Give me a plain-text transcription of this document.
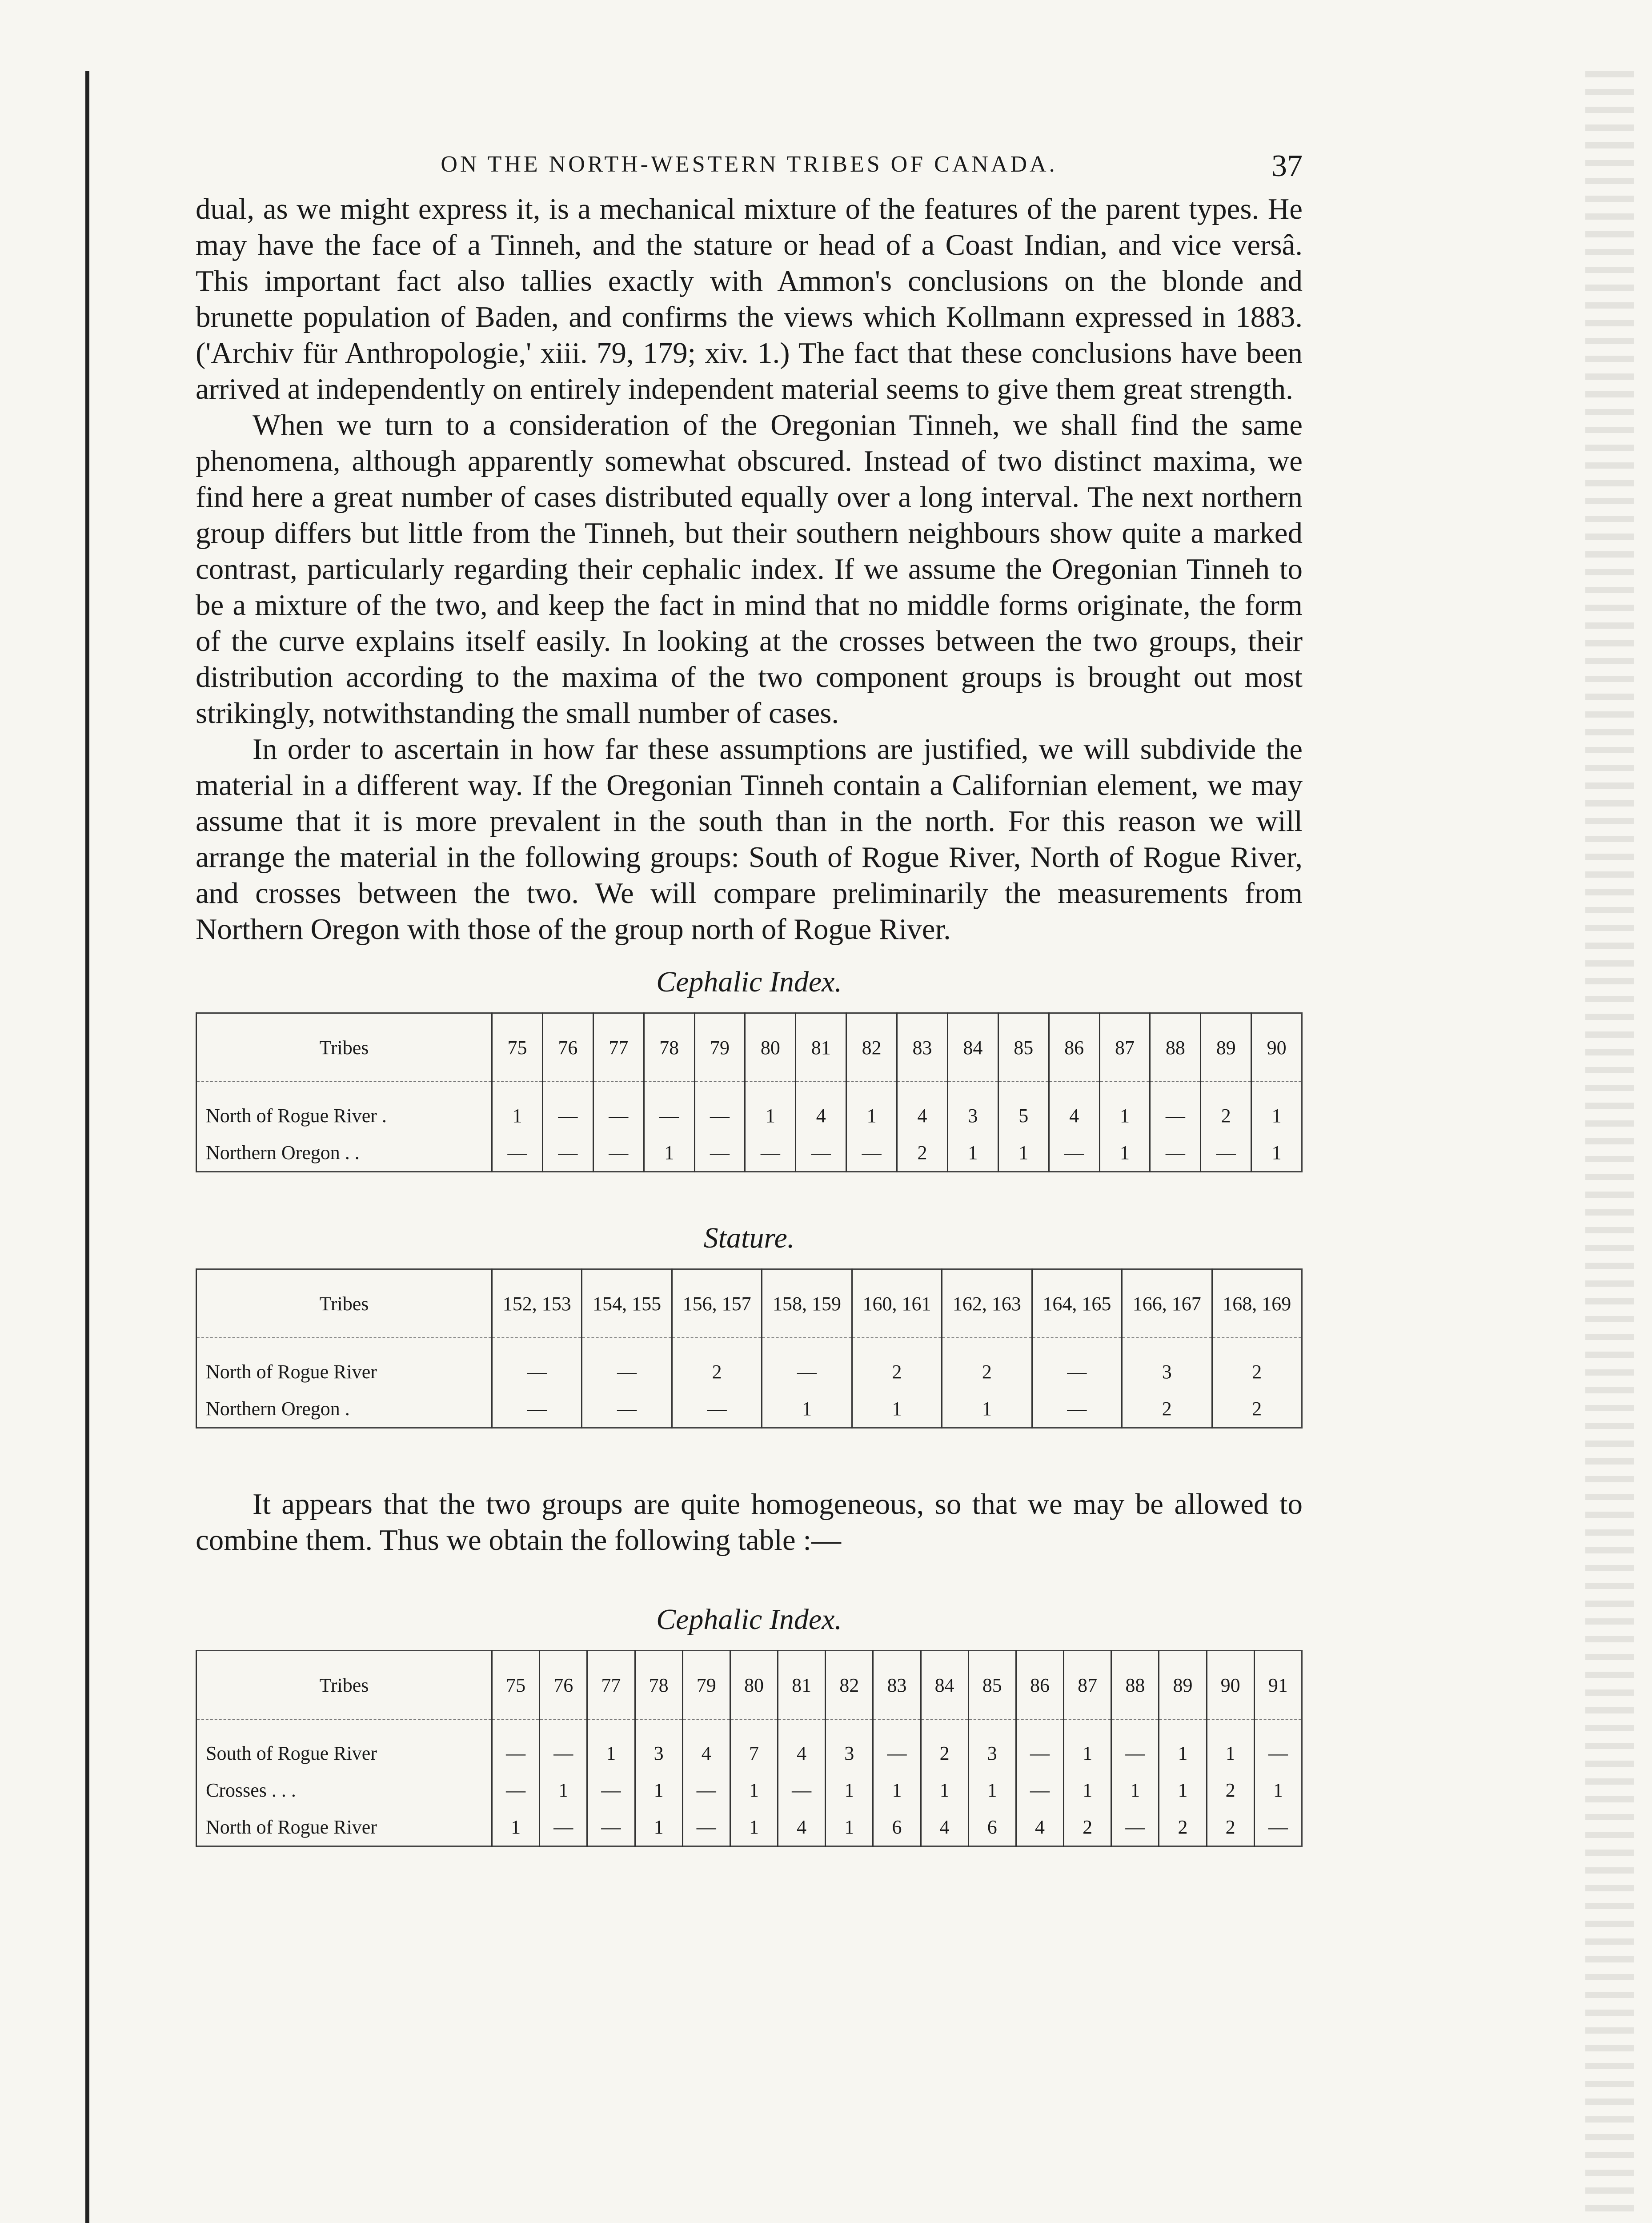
ON THE NORTH-WESTERN TRIBES OF CANADA.	37

dual, as we might express it, is a mechanical mixture of the features of the parent types. He may have the face of a Tinneh, and the stature or head of a Coast Indian, and vice versâ. This important fact also tallies exactly with Ammon's conclusions on the blonde and brunette population of Baden, and confirms the views which Kollmann expressed in 1883. ('Archiv für Anthropologie,' xiii. 79, 179; xiv. 1.) The fact that these conclusions have been arrived at independently on entirely independent material seems to give them great strength.

When we turn to a consideration of the Oregonian Tinneh, we shall find the same phenomena, although apparently somewhat obscured. Instead of two distinct maxima, we find here a great number of cases distributed equally over a long interval. The next northern group differs but little from the Tinneh, but their southern neighbours show quite a marked contrast, particularly regarding their cephalic index. If we assume the Oregonian Tinneh to be a mixture of the two, and keep the fact in mind that no middle forms originate, the form of the curve explains itself easily. In looking at the crosses between the two groups, their distribution according to the maxima of the two component groups is brought out most strikingly, notwithstanding the small number of cases.

In order to ascertain in how far these assumptions are justified, we will subdivide the material in a different way. If the Oregonian Tinneh contain a Californian element, we may assume that it is more prevalent in the south than in the north. For this reason we will arrange the material in the following groups: South of Rogue River, North of Rogue River, and crosses between the two. We will compare preliminarily the measurements from Northern Oregon with those of the group north of Rogue River.

Cephalic Index.
Tribes	75	76	77	78	79	80	81	82	83	84	85	86	87	88	89	90
North of Rogue River .	1	—	—	—	—	1	4	1	4	3	5	4	1	—	2	1
Northern Oregon . .	—	—	—	1	—	—	—	—	2	1	1	—	1	—	—	1
Stature.
Tribes	152, 153	154, 155	156, 157	158, 159	160, 161	162, 163	164, 165	166, 167	168, 169
North of Rogue River	—	—	2	—	2	2	—	3	2
Northern Oregon .	—	—	—	1	1	1	—	2	2

It appears that the two groups are quite homogeneous, so that we may be allowed to combine them. Thus we obtain the following table :—

Cephalic Index.
Tribes	75	76	77	78	79	80	81	82	83	84	85	86	87	88	89	90	91
South of Rogue River	—	—	1	3	4	7	4	3	—	2	3	—	1	—	1	1	—
Crosses . . .	—	1	—	1	—	1	—	1	1	1	1	—	1	1	1	2	1
North of Rogue River	1	—	—	1	—	1	4	1	6	4	6	4	2	—	2	2	—
